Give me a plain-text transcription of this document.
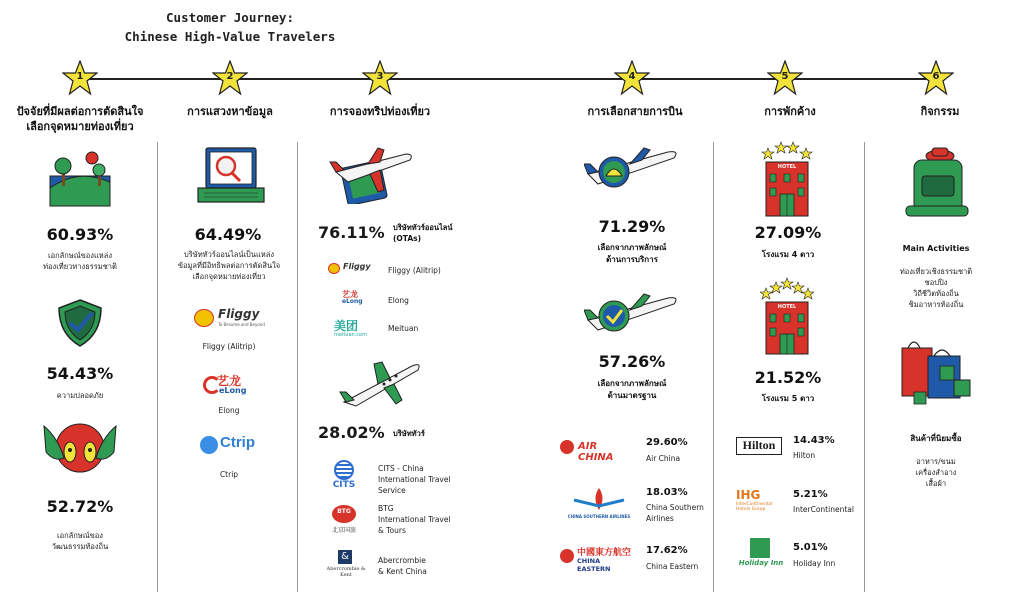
Customer Journey:
Chinese High-Value Travelers
1	2	3	4	5	6
ปัจจัยที่มีผลต่อการตัดสินใจ
เลือกจุดหมายท่องเที่ยว
การแสวงหาข้อมูล	การจองทริปท่องเที่ยว	การเลือกสายการบิน	การพักค้าง	กิจกรรม
60.93%
เอกลักษณ์ของแหล่ง
ท่องเที่ยวทางธรรมชาติ
54.43%
ความปลอดภัย
52.72%
เอกลักษณ์ของ
วัฒนธรรมท้องถิ่น
64.49%
บริษัททัวร์ออนไลน์เป็นแหล่ง
ข้อมูลที่มีอิทธิพลต่อการตัดสินใจ
เลือกจุดหมายท่องเที่ยว
Fliggy
To Become and Beyond
Fliggy (Alitrip)
艺龙
eLong
Elong
Ctrip
Ctrip
76.11%	บริษัททัวร์ออนไลน์
(OTAs)
Fliggy Fliggy (Alitrip)
艺龙
eLong	Elong
美团
meituan.com
Meituan
28.02%	บริษัททัวร์
CITS
CITS - China
International Travel
Service
BTG
北京国旅
BTG
International Travel
& Tours
&
Abercrombie & Kent
Abercrombie
& Kent China
71.29%
เลือกจากภาพลักษณ์
ด้านการบริการ
57.26%
เลือกจากภาพลักษณ์
ด้านมาตรฐาน
AIR CHINA
29.60%
Air China
CHINA SOUTHERN AIRLINES
18.03%
China Southern
Airlines
中國東方航空
CHINA EASTERN
17.62%
China Eastern
HOTEL
27.09%
โรงแรม 4 ดาว
HOTEL
21.52%
โรงแรม 5 ดาว
Hilton	14.43%
Hilton
IHG
InterContinental
Hotels Group
5.21%
InterContinental
Holiday Inn
5.01%
Holiday Inn
Main Activities
ท่องเที่ยวเชิงธรรมชาติ
ชอปปิง
วิถีชีวิตท้องถิ่น
ชิมอาหารท้องถิ่น
สินค้าที่นิยมซื้อ
อาหาร/ขนม
เครื่องสำอาง
เสื้อผ้า
